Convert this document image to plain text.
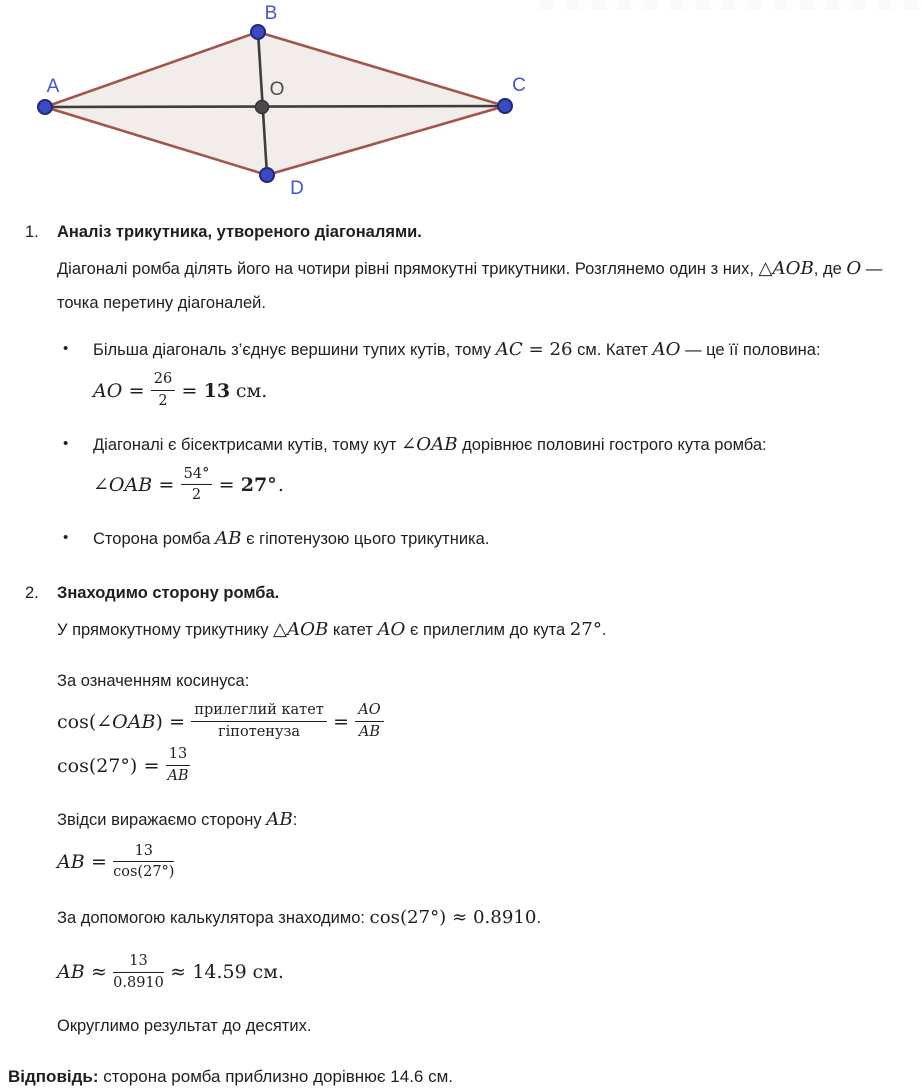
A
B
C
D
O
1.	Аналіз трикутника, утвореного діагоналями.

Діагоналі ромба ділять його на чотири рівні прямокутні трикутники. Розглянемо один з них, △AOB, де O — точка перетину діагоналей.

•	Більша діагональ з’єднує вершини тупих кутів, тому AC = 26 см. Катет AO — це її половина:
AO = $\frac{26}{2} = 13$ см.
•	Діагоналі є бісектрисами кутів, тому кут ∠OAB дорівнює половині гострого кута ромба:
∠ OAB = $\frac{54^\circ}{2} = 27^\circ$ .
•	Сторона ромба AB є гіпотенузою цього трикутника.
2.	Знаходимо сторону ромба.

У прямокутному трикутнику △AOB катет AO є прилеглим до кута 27°.

За означенням косинуса:

cos( ∠ OAB ) = $\frac{\text{прилеглий катет}}{\text{гіпотенуза}} = \frac{AO}{AB}$
$\cos(27^\circ) = \frac{13}{AB}$

Звідси виражаємо сторону AB:

AB = $\frac{13}{\cos(27^\circ)}$

За допомогою калькулятора знаходимо: cos(27°) ≈ 0.8910.

AB ≈ $\frac{13}{0.8910} \approx 14.59$ см.

Округлимо результат до десятих.

Відповідь: сторона ромба приблизно дорівнює 14.6 см.
